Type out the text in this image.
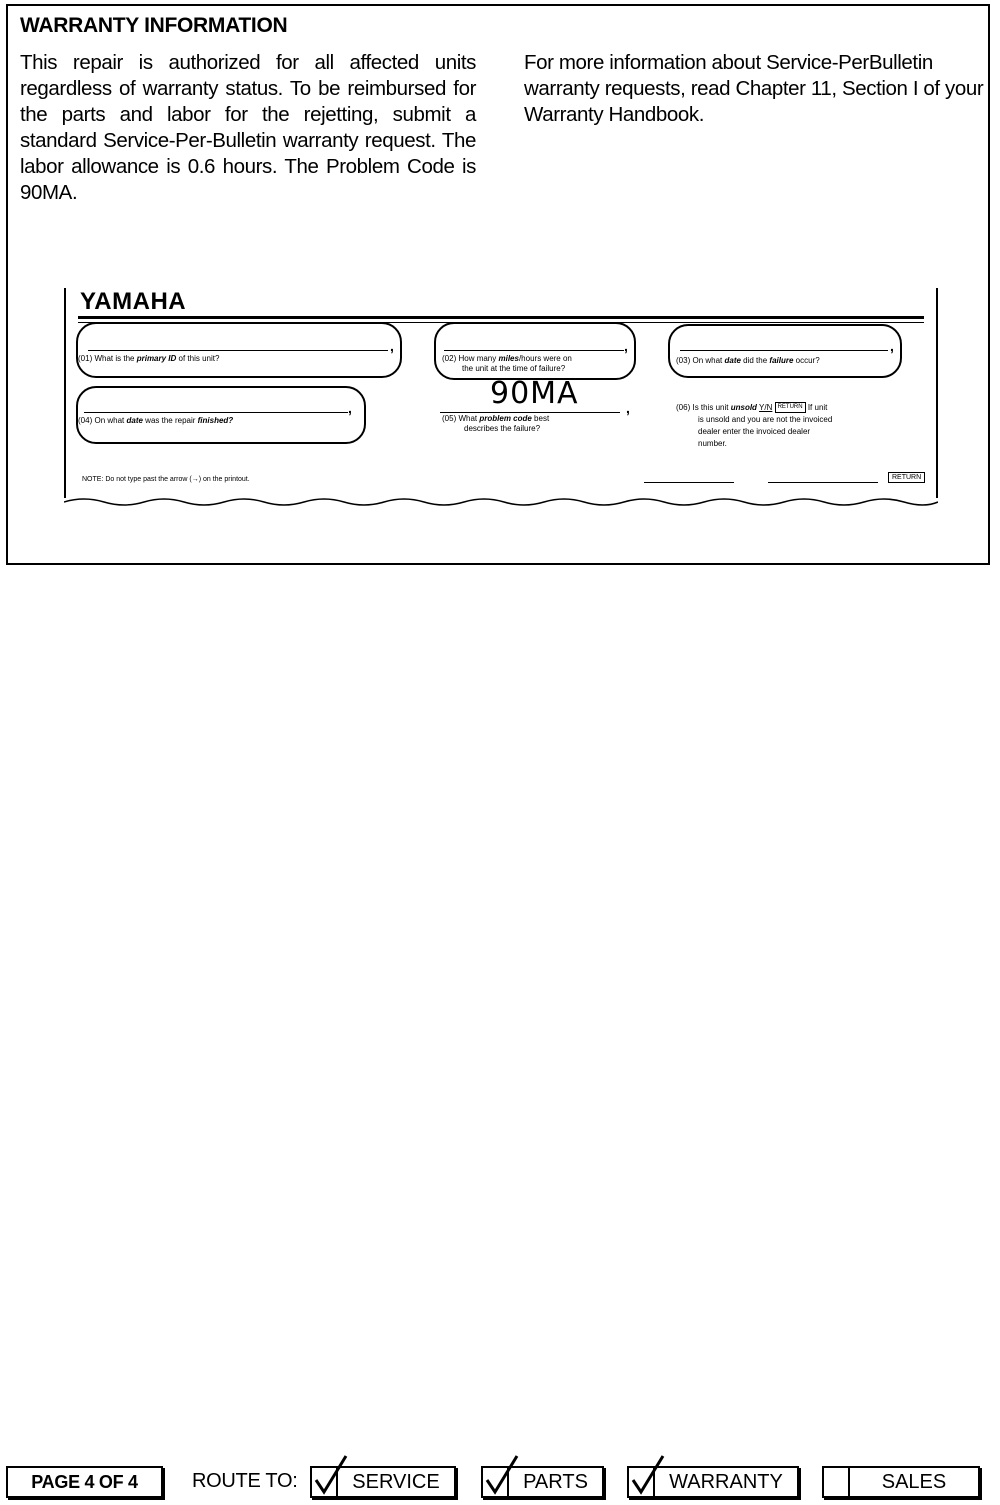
WARRANTY INFORMATION

This repair is authorized for all affected units regardless of warranty status. To be reimbursed for the parts and labor for the rejetting, submit a standard Service-Per-Bulletin warranty request. The labor allowance is 0.6 hours. The Problem Code is 90MA.

For more information about Service-PerBulletin warranty requests, read Chapter 11, Section I of your Warranty Handbook.

YAMAHA
(01) What is the primary ID of this unit?
,
(02) How many miles/hours were on
the unit at the time of failure?
,
(03) On what date did the failure occur?
,
(04) On what date was the repair finished?
,	90MA	,
(05) What problem code best
describes the failure?
(06) Is this unit unsold Y/N RETURN If unit
is unsold and you are not the invoiced
dealer enter the invoiced dealer
number.
NOTE: Do not type past the arrow (→) on the printout.	RETURN
PAGE 4 OF 4	ROUTE TO:	SERVICE	PARTS	WARRANTY	SALES
